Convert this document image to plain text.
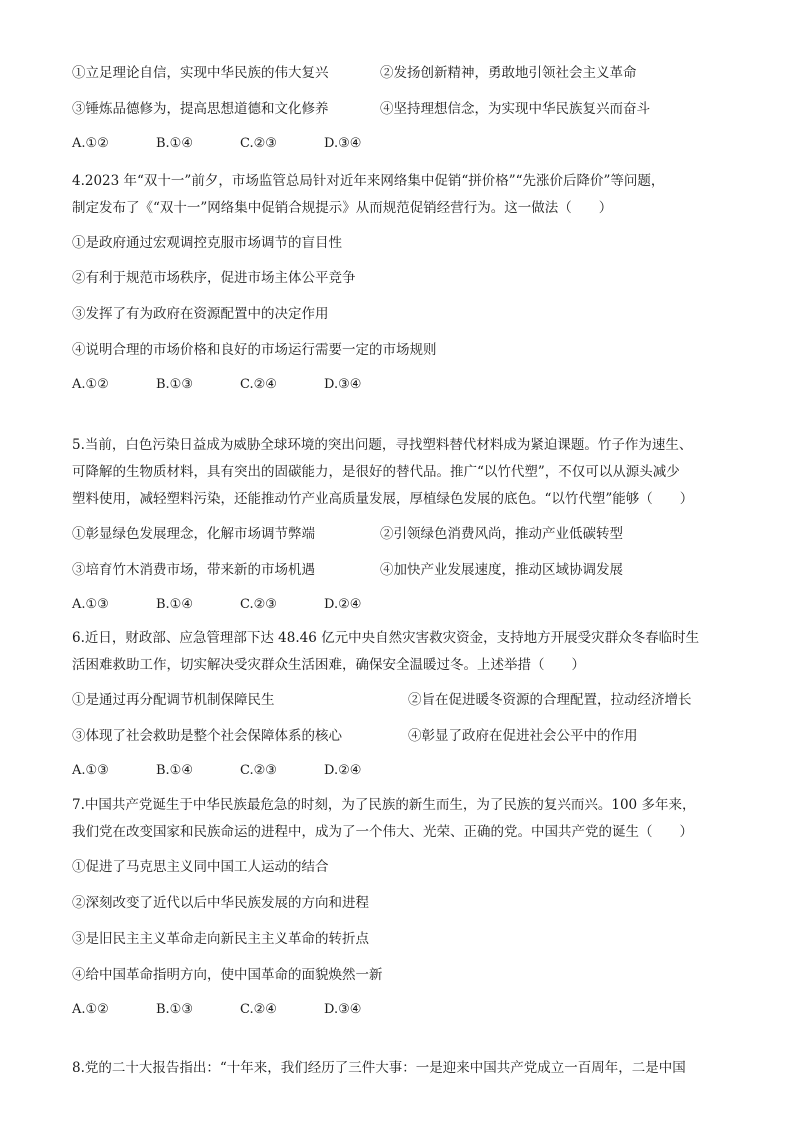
①立足理论自信，实现中华民族的伟大复兴	②发扬创新精神，勇敢地引领社会主义革命
③锤炼品德修为，提高思想道德和文化修养	④坚持理想信念，为实现中华民族复兴而奋斗
A.①②	B.①④	C.②③	D.③④
4.2023 年“双十一”前夕，市场监管总局针对近年来网络集中促销“拼价格”“先涨价后降价”等问题，
制定发布了《“双十一”网络集中促销合规提示》从而规范促销经营行为。这一做法（　　）
①是政府通过宏观调控克服市场调节的盲目性
②有利于规范市场秩序，促进市场主体公平竞争
③发挥了有为政府在资源配置中的决定作用
④说明合理的市场价格和良好的市场运行需要一定的市场规则
A.①②	B.①③	C.②④	D.③④
5.当前，白色污染日益成为威胁全球环境的突出问题，寻找塑料替代材料成为紧迫课题。竹子作为速生、
可降解的生物质材料，具有突出的固碳能力，是很好的替代品。推广“以竹代塑”，不仅可以从源头减少
塑料使用，减轻塑料污染，还能推动竹产业高质量发展，厚植绿色发展的底色。“以竹代塑”能够（　　）
①彰显绿色发展理念，化解市场调节弊端	②引领绿色消费风尚，推动产业低碳转型
③培育竹木消费市场，带来新的市场机遇	④加快产业发展速度，推动区域协调发展
A.①③	B.①④	C.②③	D.②④
6.近日，财政部、应急管理部下达 48.46 亿元中央自然灾害救灾资金，支持地方开展受灾群众冬春临时生
活困难救助工作，切实解决受灾群众生活困难，确保安全温暖过冬。上述举措（　　）
①是通过再分配调节机制保障民生	②旨在促进暖冬资源的合理配置，拉动经济增长
③体现了社会救助是整个社会保障体系的核心	④彰显了政府在促进社会公平中的作用
A.①③	B.①④	C.②③	D.②④
7.中国共产党诞生于中华民族最危急的时刻，为了民族的新生而生，为了民族的复兴而兴。100 多年来，
我们党在改变国家和民族命运的进程中，成为了一个伟大、光荣、正确的党。中国共产党的诞生（　　）
①促进了马克思主义同中国工人运动的结合
②深刻改变了近代以后中华民族发展的方向和进程
③是旧民主主义革命走向新民主主义革命的转折点
④给中国革命指明方向，使中国革命的面貌焕然一新
A.①②	B.①③	C.②④	D.③④
8.党的二十大报告指出：“十年来，我们经历了三件大事：一是迎来中国共产党成立一百周年，二是中国
